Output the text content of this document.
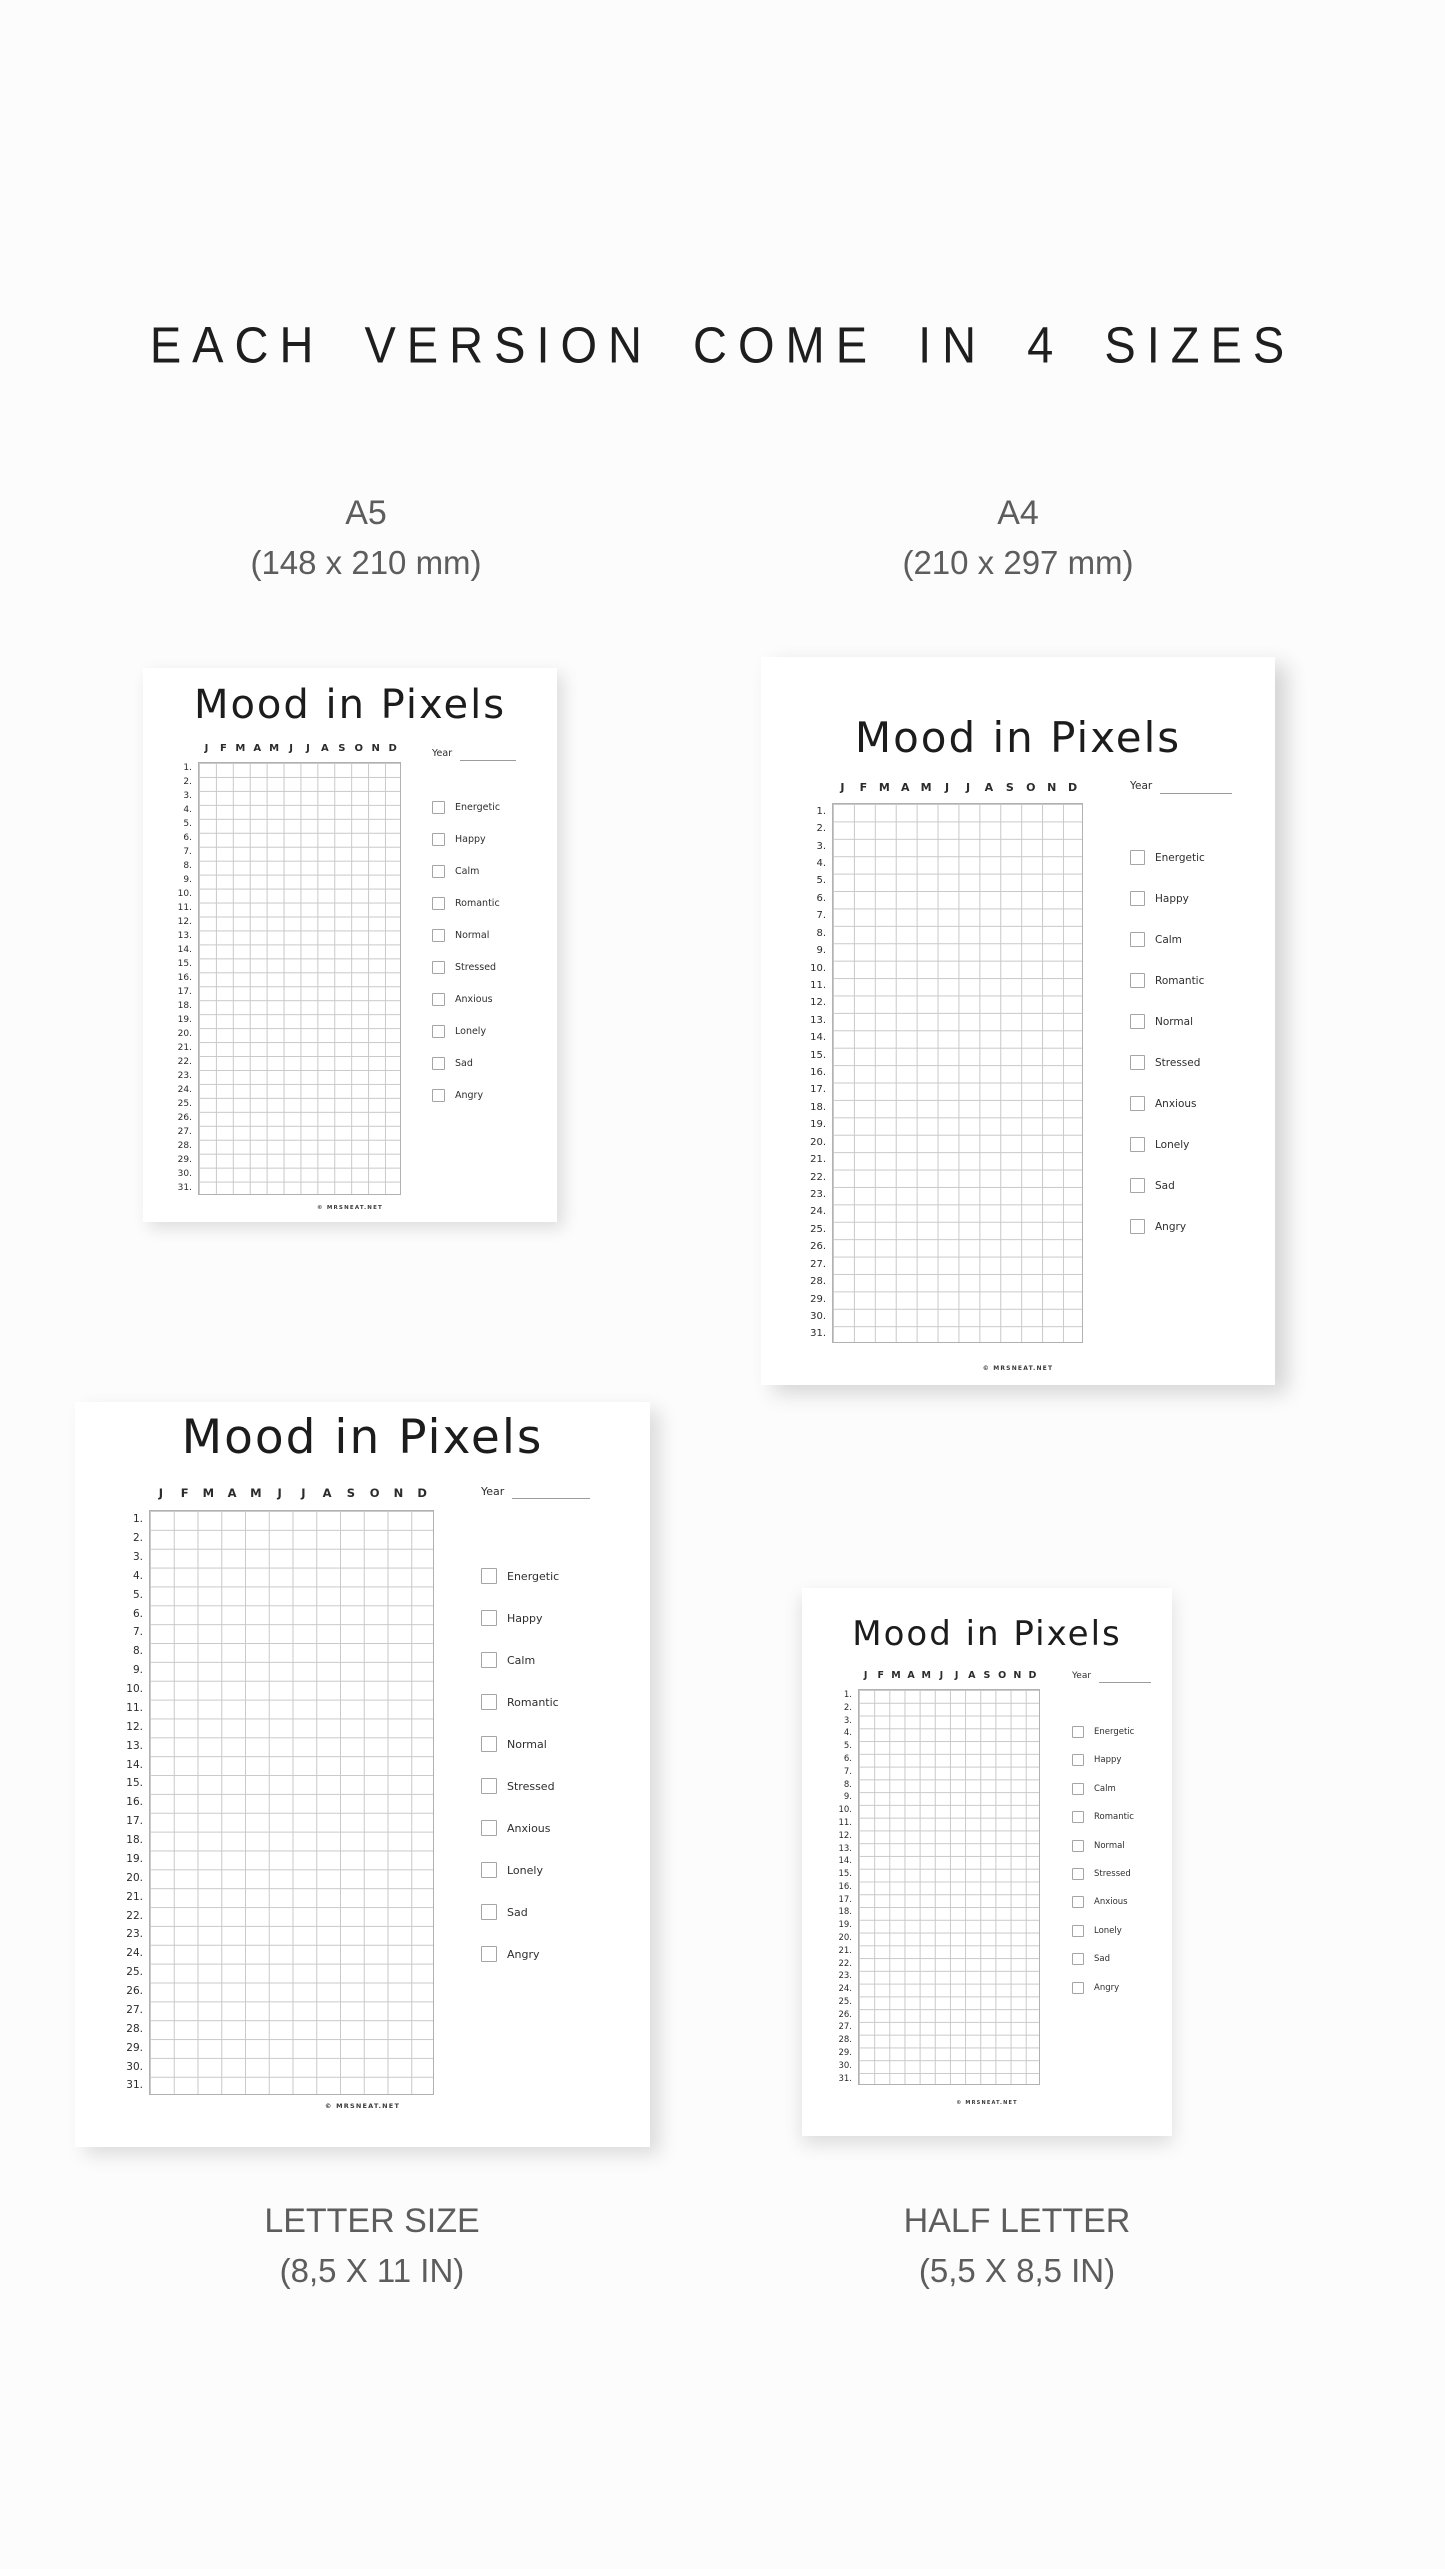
EACH VERSION COME IN 4 SIZES
A5
(148 x 210 mm)
A4
(210 x 297 mm)
LETTER SIZE
(8,5 X 11 IN)
HALF LETTER
(5,5 X 8,5 IN)
Mood in Pixels
Year
J	F M A M	J	J	A S O N D
1.
2.
3.
4.
5.
6.
7.
8.
9.
10.
11.
12.
13.
14.
15.
16.
17.
18.
19.
20.
21.
22.
23.
24.
25.
26.
27.
28.
29.
30.
31.
Energetic
Happy
Calm
Romantic
Normal
Stressed
Anxious
Lonely
Sad
Angry
© MRSNEAT.NET
Mood in Pixels
Year
J	F	M	A	M	J	J	A	S	O	N	D
1.
2.
3.
4.
5.
6.
7.
8.
9.
10.
11.
12.
13.
14.
15.
16.
17.
18.
19.
20.
21.
22.
23.
24.
25.
26.
27.
28.
29.
30.
31.
Energetic
Happy
Calm
Romantic
Normal
Stressed
Anxious
Lonely
Sad
Angry
© MRSNEAT.NET
Mood in Pixels
Year
J	F	M	A	M	J	J	A	S	O	N	D
1.
2.
3.
4.
5.
6.
7.
8.
9.
10.
11.
12.
13.
14.
15.
16.
17.
18.
19.
20.
21.
22.
23.
24.
25.
26.
27.
28.
29.
30.
31.
Energetic
Happy
Calm
Romantic
Normal
Stressed
Anxious
Lonely
Sad
Angry
© MRSNEAT.NET
Mood in Pixels
Year
J	F M A M J	J	A S O N D
1.
2.
3.
4.
5.
6.
7.
8.
9.
10.
11.
12.
13.
14.
15.
16.
17.
18.
19.
20.
21.
22.
23.
24.
25.
26.
27.
28.
29.
30.
31.
Energetic
Happy
Calm
Romantic
Normal
Stressed
Anxious
Lonely
Sad
Angry
© MRSNEAT.NET
